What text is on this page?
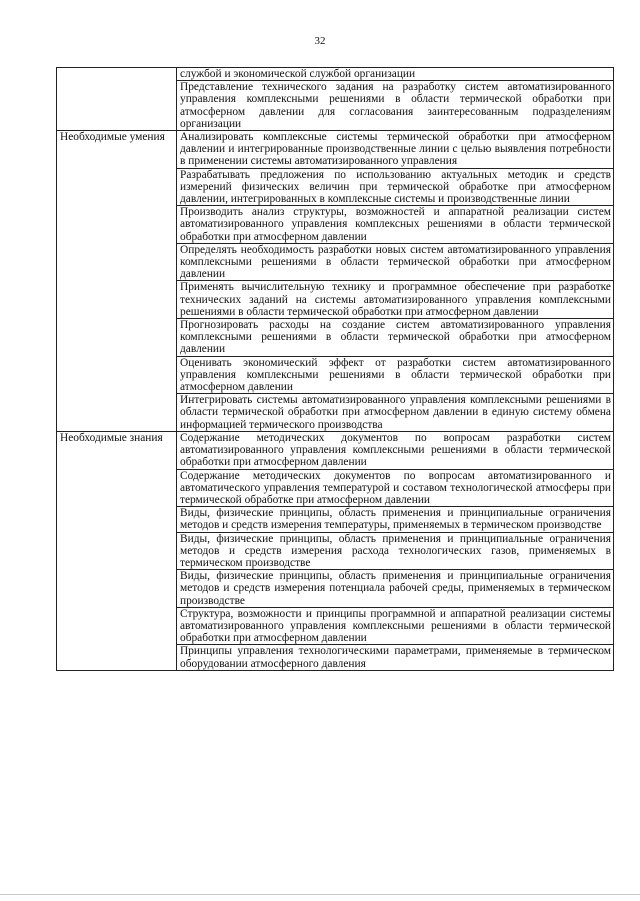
32
	службой и экономической службой организации
	Представление технического задания на разработку систем автоматизированного управления комплексными решениями в области термической обработки при атмосферном давлении для согласования заинтересованным подразделениям организации
Необходимые умения	Анализировать комплексные системы термической обработки при атмосферном давлении и интегрированные производственные линии с целью выявления потребности в применении системы автоматизированного управления
	Разрабатывать предложения по использованию актуальных методик и средств измерений физических величин при термической обработке при атмосферном давлении, интегрированных в комплексные системы и производственные линии
	Производить анализ структуры, возможностей и аппаратной реализации систем автоматизированного управления комплексных решениями в области термической обработки при атмосферном давлении
	Определять необходимость разработки новых систем автоматизированного управления комплексными решениями в области термической обработки при атмосферном давлении
	Применять вычислительную технику и программное обеспечение при разработке технических заданий на системы автоматизированного управления комплексными решениями в области термической обработки при атмосферном давлении
	Прогнозировать расходы на создание систем автоматизированного управления комплексными решениями в области термической обработки при атмосферном давлении
	Оценивать экономический эффект от разработки систем автоматизированного управления комплексными решениями в области термической обработки при атмосферном давлении
	Интегрировать системы автоматизированного управления комплексными решениями в области термической обработки при атмосферном давлении в единую систему обмена информацией термического производства
Необходимые знания	Содержание методических документов по вопросам разработки систем автоматизированного управления комплексными решениями в области термической обработки при атмосферном давлении
	Содержание методических документов по вопросам автоматизированного и автоматического управления температурой и составом технологической атмосферы при термической обработке при атмосферном давлении
	Виды, физические принципы, область применения и принципиальные ограничения методов и средств измерения температуры, применяемых в термическом производстве
	Виды, физические принципы, область применения и принципиальные ограничения методов и средств измерения расхода технологических газов, применяемых в термическом производстве
	Виды, физические принципы, область применения и принципиальные ограничения методов и средств измерения потенциала рабочей среды, применяемых в термическом производстве
	Структура, возможности и принципы программной и аппаратной реализации системы автоматизированного управления комплексными решениями в области термической обработки при атмосферном давлении
	Принципы управления технологическими параметрами, применяемые в термическом оборудовании атмосферного давления
